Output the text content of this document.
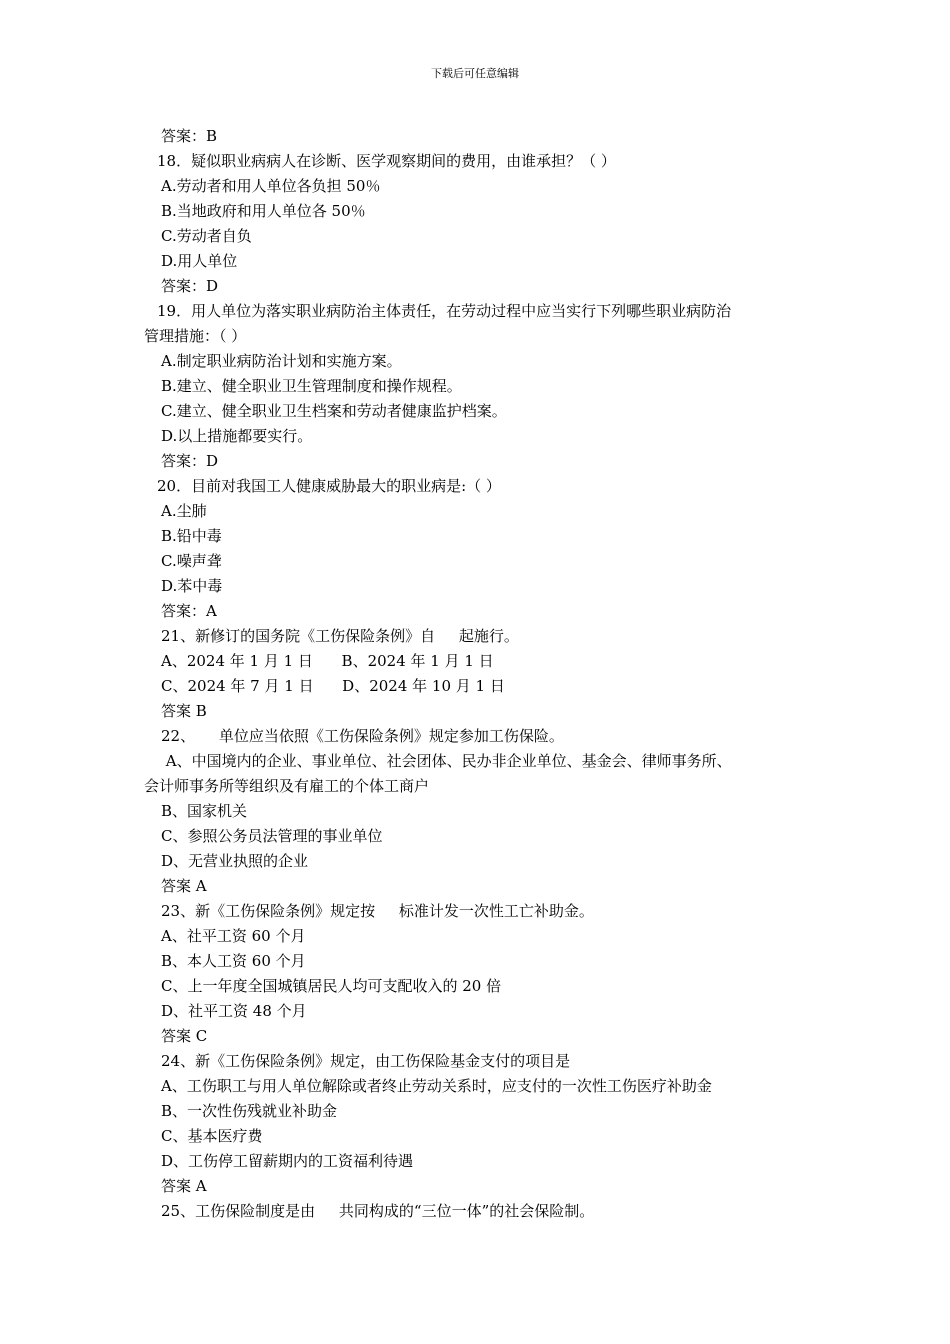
下载后可任意编辑
答案：B
18．疑似职业病病人在诊断、医学观察期间的费用，由谁承担？（ ）
A.劳动者和用人单位各负担 50％
B.当地政府和用人单位各 50％
C.劳动者自负
D.用人单位
答案：D
19．用人单位为落实职业病防治主体责任，在劳动过程中应当实行下列哪些职业病防治
管理措施：（ ）
A.制定职业病防治计划和实施方案。
B.建立、健全职业卫生管理制度和操作规程。
C.建立、健全职业卫生档案和劳动者健康监护档案。
D.以上措施都要实行。
答案：D
20．目前对我国工人健康威胁最大的职业病是:（ ）
A.尘肺
B.铅中毒
C.噪声聋
D.苯中毒
答案：A
21、新修订的国务院《工伤保险条例》自     起施行。
A、2024 年 1 月 1 日      B、2024 年 1 月 1 日
C、2024 年 7 月 1 日      D、2024 年 10 月 1 日
答案 B
22、     单位应当依照《工伤保险条例》规定参加工伤保险。
A、中国境内的企业、事业单位、社会团体、民办非企业单位、基金会、律师事务所、
会计师事务所等组织及有雇工的个体工商户
B、国家机关
C、参照公务员法管理的事业单位
D、无营业执照的企业
答案 A
23、新《工伤保险条例》规定按     标准计发一次性工亡补助金。
A、社平工资 60 个月
B、本人工资 60 个月
C、上一年度全国城镇居民人均可支配收入的 20 倍
D、社平工资 48 个月
答案 C
24、新《工伤保险条例》规定，由工伤保险基金支付的项目是
A、工伤职工与用人单位解除或者终止劳动关系时，应支付的一次性工伤医疗补助金
B、一次性伤残就业补助金
C、基本医疗费
D、工伤停工留薪期内的工资福利待遇
答案 A
25、工伤保险制度是由     共同构成的“三位一体”的社会保险制。
